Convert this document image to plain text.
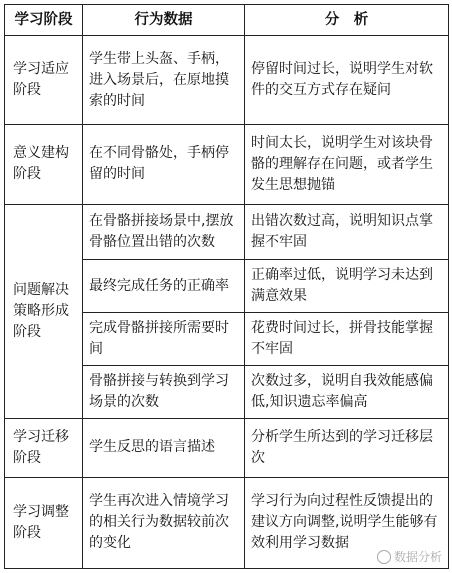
学习阶段	行为数据	分　析
学习适应阶段	学生带上头盔、手柄，进入场景后，在原地摸索的时间	停留时间过长，说明学生对软件的交互方式存在疑问
意义建构阶段	在不同骨骼处，手柄停留的时间	时间太长，说明学生对该块骨骼的理解存在问题，或者学生发生思想抛锚
问题解决策略形成阶段	在骨骼拼接场景中,摆放骨骼位置出错的次数	出错次数过高，说明知识点掌握不牢固
	最终完成任务的正确率	正确率过低，说明学习未达到满意效果
	完成骨骼拼接所需要时间	花费时间过长，拼骨技能掌握不牢固
	骨骼拼接与转换到学习场景的次数	次数过多，说明自我效能感偏低,知识遗忘率偏高
学习迁移阶段	学生反思的语言描述	分析学生所达到的学习迁移层次
学习调整阶段	学生再次进入情境学习的相关行为数据较前次的变化	学习行为向过程性反馈提出的建议方向调整,说明学生能够有效利用学习数据
数据分析
